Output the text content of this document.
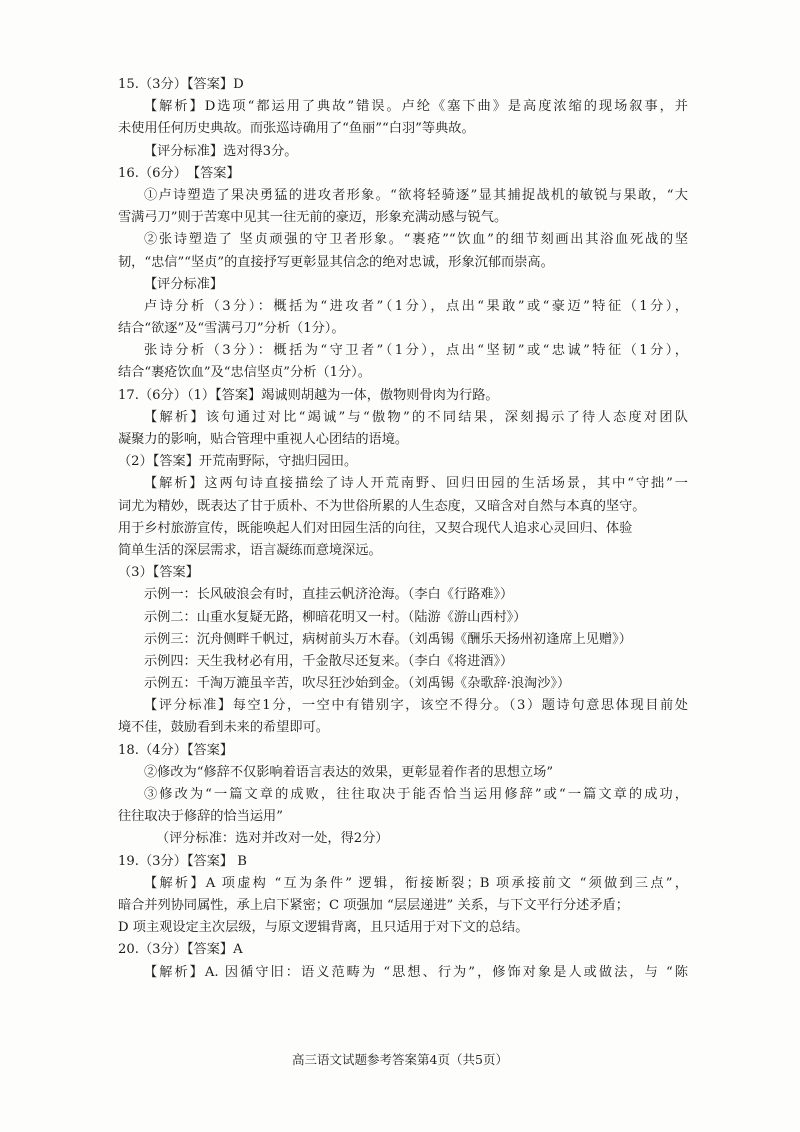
15.（3分）【答案】D
【解析】D选项“都运用了典故”错误。卢纶《塞下曲》是高度浓缩的现场叙事，并
未使用任何历史典故。而张巡诗确用了“鱼丽”“白羽”等典故。
【评分标准】选对得3分。
16.（6分）　【答案】
①卢诗塑造了果决勇猛的进攻者形象。“欲将轻骑逐”显其捕捉战机的敏锐与果敢，“大
雪满弓刀”则于苦寒中见其一往无前的豪迈，形象充满动感与锐气。
②张诗塑造了 坚贞顽强的守卫者形象。“裹疮”“饮血”的细节刻画出其浴血死战的坚
韧，“忠信”“坚贞”的直接抒写更彰显其信念的绝对忠诚，形象沉郁而崇高。
【评分标准】
卢诗分析（3分）：概括为“进攻者”（1分），点出“果敢”或“豪迈”特征（1分），
结合“欲逐”及“雪满弓刀”分析（1分）。
张诗分析（3分）：概括为“守卫者”（1分），点出“坚韧”或“忠诚”特征（1分），
结合“裹疮饮血”及“忠信坚贞”分析（1分）。
17.（6分）（1）【答案】竭诚则胡越为一体，傲物则骨肉为行路。
【解析】该句通过对比“竭诚”与“傲物”的不同结果，深刻揭示了待人态度对团队
凝聚力的影响，贴合管理中重视人心团结的语境。
（2）【答案】开荒南野际，守拙归园田。
【解析】这两句诗直接描绘了诗人开荒南野、回归田园的生活场景，其中“守拙”一
词尤为精妙，既表达了甘于质朴、不为世俗所累的人生态度，又暗含对自然与本真的坚守。
用于乡村旅游宣传，既能唤起人们对田园生活的向往，又契合现代人追求心灵回归、体验
简单生活的深层需求，语言凝练而意境深远。
（3）【答案】
示例一：长风破浪会有时，直挂云帆济沧海。（李白《行路难》）
示例二：山重水复疑无路，柳暗花明又一村。（陆游《游山西村》）
示例三：沉舟侧畔千帆过，病树前头万木春。（刘禹锡《酬乐天扬州初逢席上见赠》）
示例四：天生我材必有用，千金散尽还复来。（李白《将进酒》）
示例五：千淘万漉虽辛苦，吹尽狂沙始到金。（刘禹锡《杂歌辞·浪淘沙》）
【评分标准】每空1分，一空中有错别字，该空不得分。（3）题诗句意思体现目前处
境不佳，鼓励看到未来的希望即可。
18.（4分）【答案】
②修改为“修辞不仅影响着语言表达的效果，更彰显着作者的思想立场”
③修改为“一篇文章的成败，往往取决于能否恰当运用修辞”或“一篇文章的成功，
往往取决于修辞的恰当运用”
（评分标准：选对并改对一处，得2分）
19.（3分）【答案】 B
【解析】A 项虚构 “互为条件” 逻辑，衔接断裂；B 项承接前文 “须做到三点”，
暗合并列协同属性，承上启下紧密；C 项强加 “层层递进” 关系，与下文平行分述矛盾；
D 项主观设定主次层级，与原文逻辑背离，且只适用于对下文的总结。
20.（3分）【答案】A
【解析】A. 因循守旧：语义范畴为 “思想、行为”，修饰对象是人或做法，与 “陈
高三语文试题参考答案第4页（共5页）
